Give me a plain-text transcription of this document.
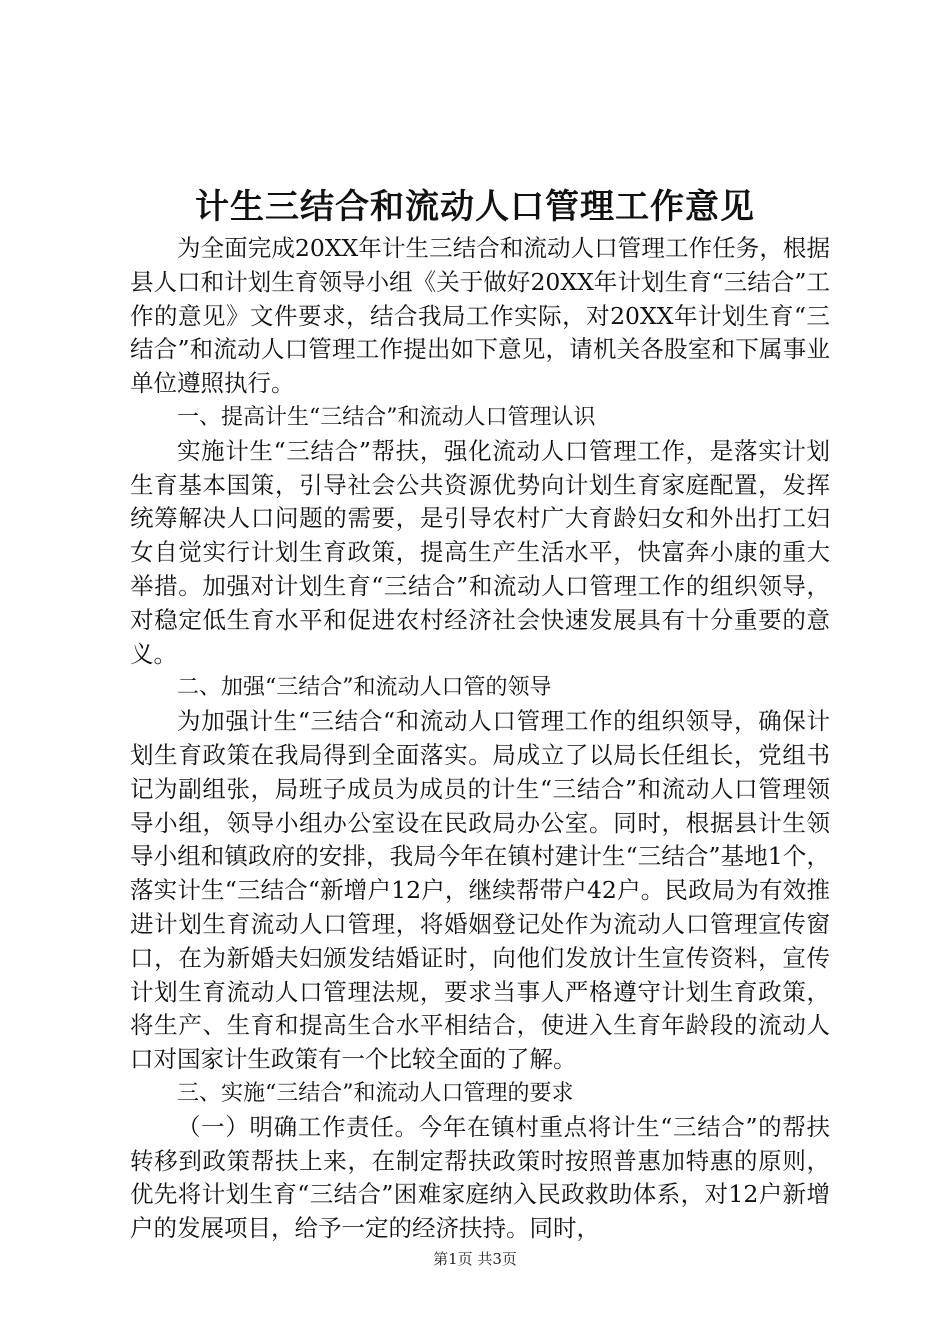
计生三结合和流动人口管理工作意见

为全面完成20XX年计生三结合和流动人口管理工作任务，根据县人口和计划生育领导小组《关于做好20XX年计划生育“三结合”工作的意见》文件要求，结合我局工作实际，对20XX年计划生育“三结合”和流动人口管理工作提出如下意见，请机关各股室和下属事业单位遵照执行。

一、提高计生“三结合”和流动人口管理认识

实施计生“三结合”帮扶，强化流动人口管理工作，是落实计划生育基本国策，引导社会公共资源优势向计划生育家庭配置，发挥统筹解决人口问题的需要，是引导农村广大育龄妇女和外出打工妇女自觉实行计划生育政策，提高生产生活水平，快富奔小康的重大举措。加强对计划生育“三结合”和流动人口管理工作的组织领导，对稳定低生育水平和促进农村经济社会快速发展具有十分重要的意义。

二、加强“三结合”和流动人口管的领导

为加强计生“三结合“和流动人口管理工作的组织领导，确保计划生育政策在我局得到全面落实。局成立了以局长任组长，党组书记为副组张，局班子成员为成员的计生“三结合”和流动人口管理领导小组，领导小组办公室设在民政局办公室。同时，根据县计生领导小组和镇政府的安排，我局今年在镇村建计生“三结合”基地1个，落实计生“三结合“新增户12户，继续帮带户42户。民政局为有效推进计划生育流动人口管理，将婚姻登记处作为流动人口管理宣传窗口，在为新婚夫妇颁发结婚证时，向他们发放计生宣传资料，宣传计划生育流动人口管理法规，要求当事人严格遵守计划生育政策，将生产、生育和提高生合水平相结合，使进入生育年龄段的流动人口对国家计生政策有一个比较全面的了解。

三、实施“三结合”和流动人口管理的要求

（一）明确工作责任。今年在镇村重点将计生“三结合”的帮扶转移到政策帮扶上来，在制定帮扶政策时按照普惠加特惠的原则，优先将计划生育“三结合”困难家庭纳入民政救助体系，对12户新增户的发展项目，给予一定的经济扶持。同时，

第1页 共3页
